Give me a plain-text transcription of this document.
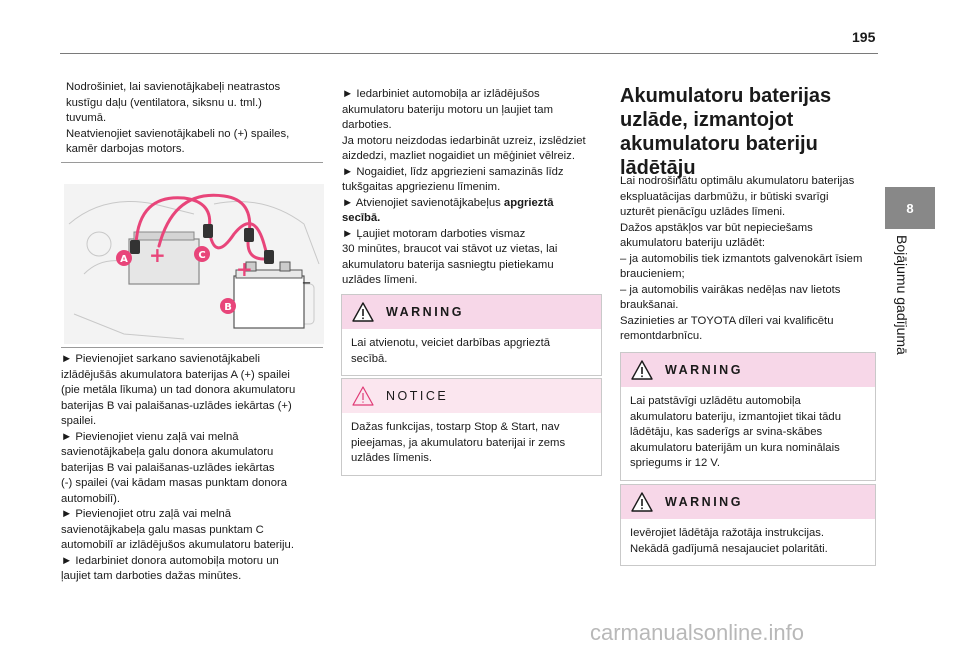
195
8
Bojājumu gadījumā

Nodrošiniet, lai savienotājkabeļi neatrastos

kustīgu daļu (ventilatora, siksnu u. tml.)

tuvumā.

Neatvienojiet savienotājkabeli no (+) spailes,

kamēr darbojas motors.

+
+
–
A	C
B

► Pievienojiet sarkano savienotājkabeli

izlādējušās akumulatora baterijas A (+) spailei

(pie metāla līkuma) un tad donora akumulatoru

baterijas B vai palaišanas-uzlādes iekārtas (+)

spailei.

► Pievienojiet vienu zaļā vai melnā

savienotājkabeļa galu donora akumulatoru

baterijas B vai palaišanas-uzlādes iekārtas

(-) spailei (vai kādam masas punktam donora

automobilī).

► Pievienojiet otru zaļā vai melnā

savienotājkabeļa galu masas punktam C

automobilī ar izlādējušos akumulatoru bateriju.

► Iedarbiniet donora automobiļa motoru un

ļaujiet tam darboties dažas minūtes.

► Iedarbiniet automobiļa ar izlādējušos

akumulatoru bateriju motoru un ļaujiet tam

darboties.

Ja motoru neizdodas iedarbināt uzreiz, izslēdziet

aizdedzi, mazliet nogaidiet un mēģiniet vēlreiz.

► Nogaidiet, līdz apgriezieni samazinās līdz

tukšgaitas apgriezienu līmenim.

► Atvienojiet savienotājkabeļus apgrieztā

secībā.

► Ļaujiet motoram darboties vismaz

30 minūtes, braucot vai stāvot uz vietas, lai

akumulatoru baterija sasniegtu pietiekamu

uzlādes līmeni.

WARNING
Lai atvienotu, veiciet darbības apgrieztā
secībā.
NOTICE
Dažas funkcijas, tostarp Stop & Start, nav
pieejamas, ja akumulatoru baterijai ir zems
uzlādes līmenis.

Akumulatoru baterijas

uzlāde, izmantojot

akumulatoru bateriju

lādētāju

Lai nodrošinātu optimālu akumulatoru baterijas

ekspluatācijas darbmūžu, ir būtiski svarīgi

uzturēt pienācīgu uzlādes līmeni.

Dažos apstākļos var būt nepieciešams

akumulatoru bateriju uzlādēt:

– ja automobilis tiek izmantots galvenokārt īsiem

braucieniem;

– ja automobilis vairākas nedēļas nav lietots

braukšanai.

Sazinieties ar TOYOTA dīleri vai kvalificētu

remontdarbnīcu.

WARNING
Lai patstāvīgi uzlādētu automobiļa
akumulatoru bateriju, izmantojiet tikai tādu
lādētāju, kas saderīgs ar svina-skābes
akumulatoru baterijām un kura nominālais
spriegums ir 12 V.
WARNING
Ievērojiet lādētāja ražotāja instrukcijas.
Nekādā gadījumā nesajauciet polaritāti.
carmanualsonline.info
